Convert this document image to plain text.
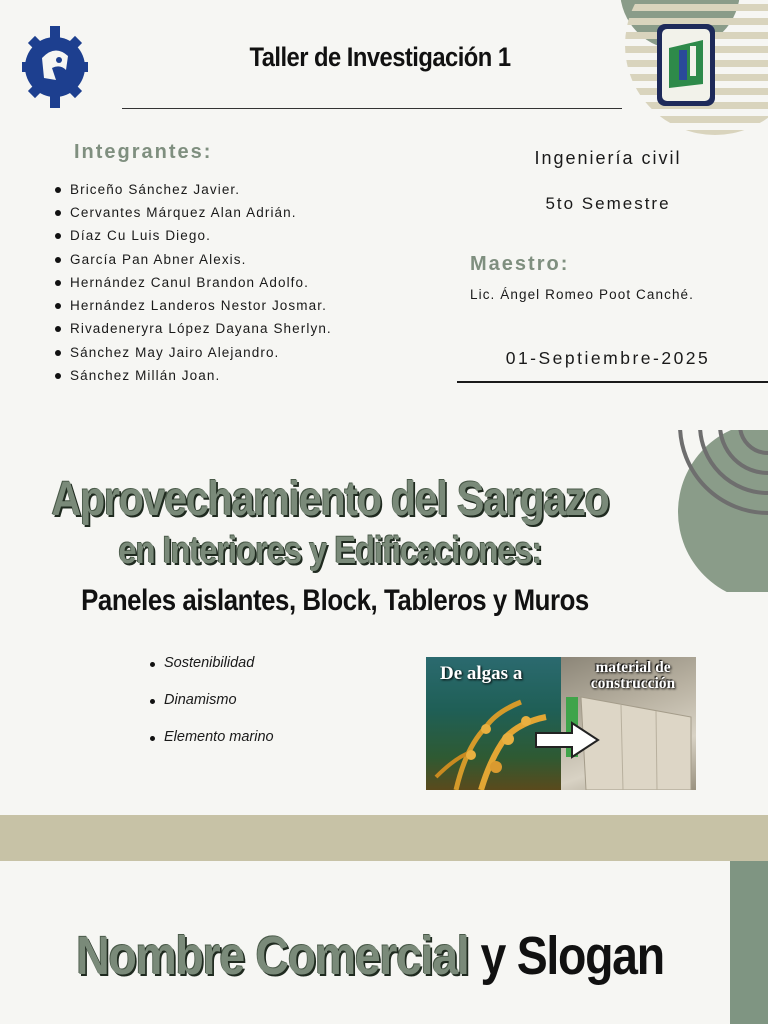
Taller de Investigación 1
Integrantes:
Briceño Sánchez Javier.
Cervantes Márquez Alan Adrián.
Díaz Cu Luis Diego.
García Pan Abner Alexis.
Hernández Canul Brandon Adolfo.
Hernández Landeros Nestor Josmar.
Rivadeneryra López Dayana Sherlyn.
Sánchez May Jairo Alejandro.
Sánchez Millán Joan.
Ingeniería civil
5to Semestre
Maestro:
Lic. Ángel Romeo Poot Canché.
01-Septiembre-2025
Aprovechamiento del Sargazo
en Interiores y Edificaciones:
Paneles aislantes, Block, Tableros y Muros
Sostenibilidad
Dinamismo
Elemento marino
De algas a	material de construcción
Nombre Comercial y Slogan
